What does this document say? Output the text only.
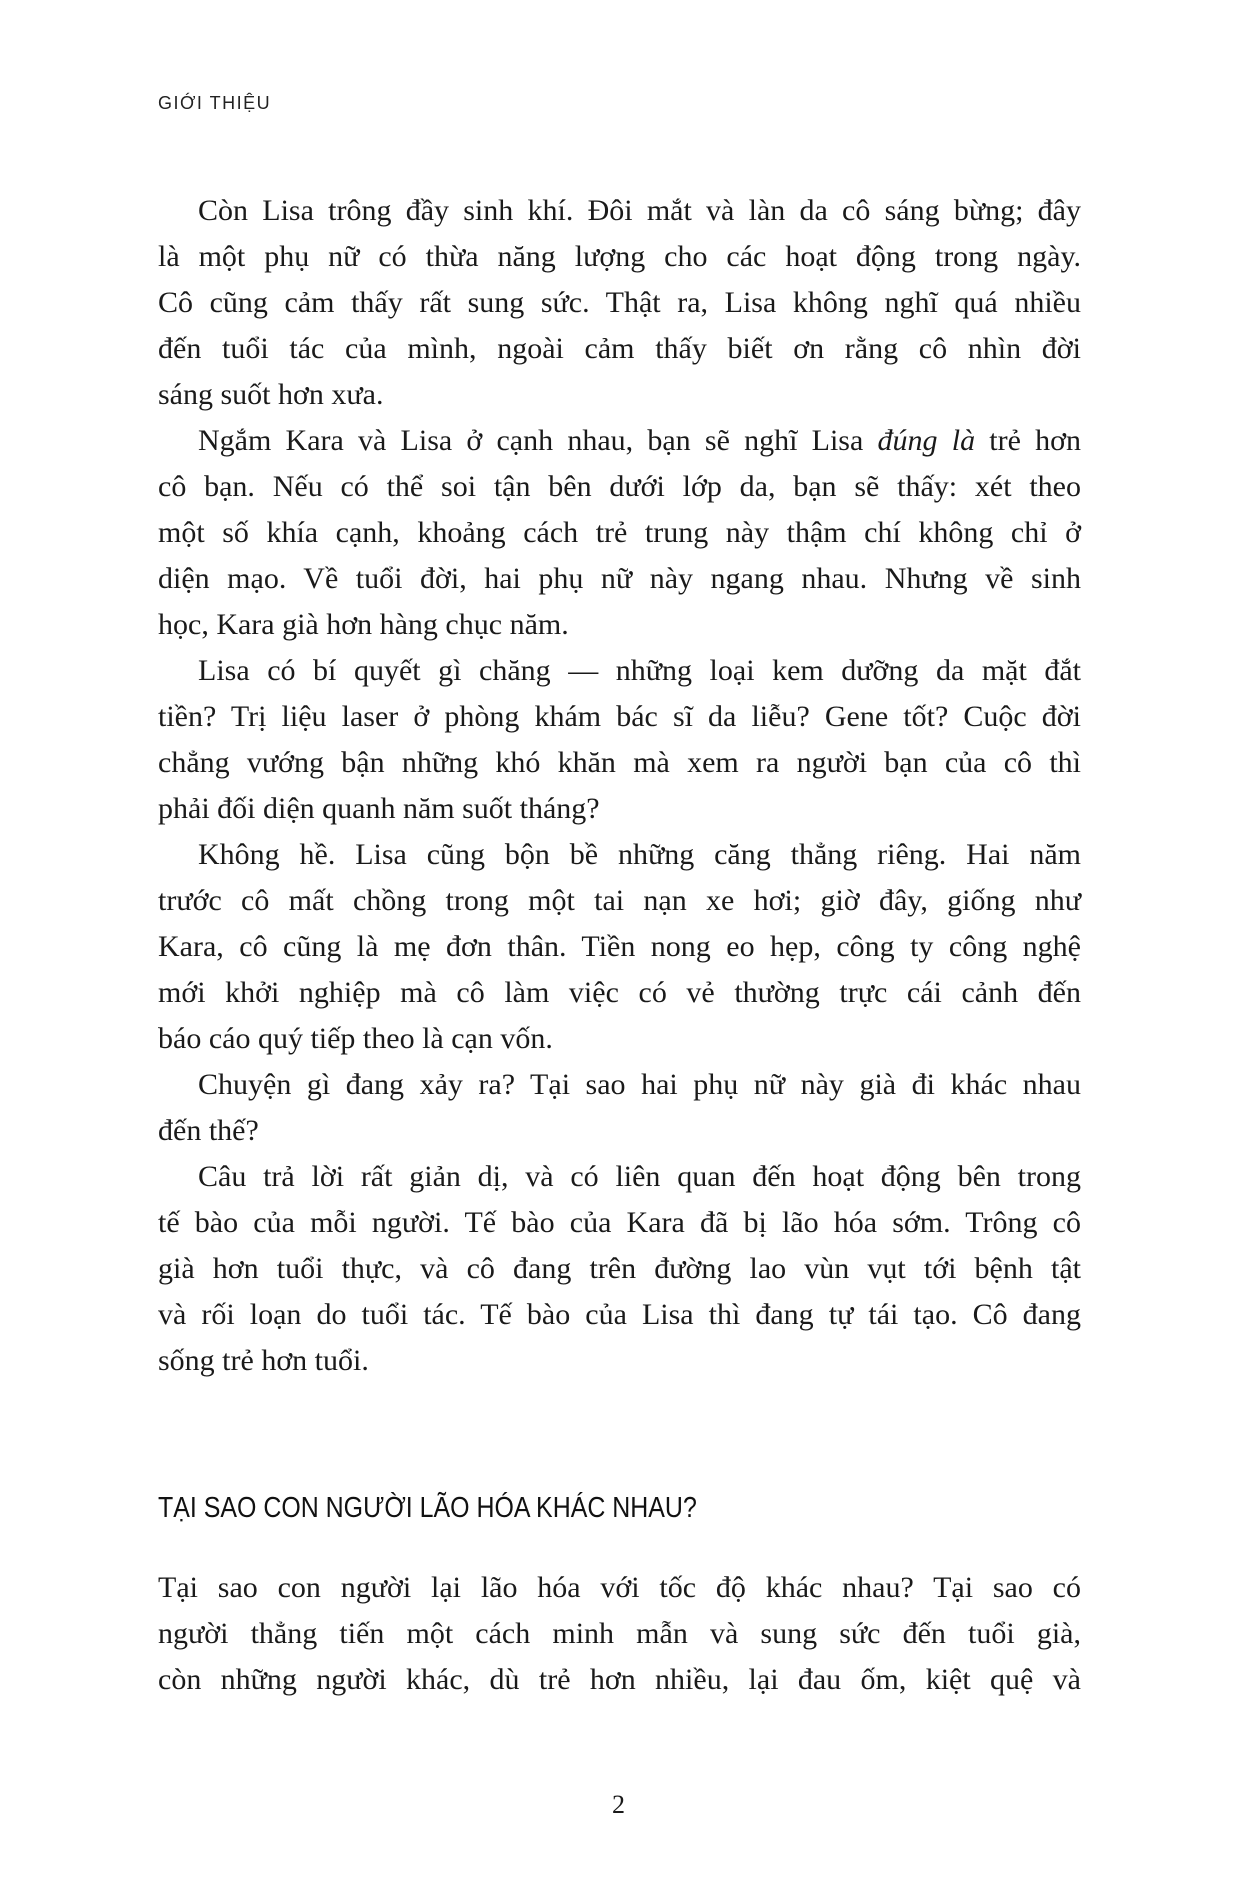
GIỚI THIỆU
Còn Lisa trông đầy sinh khí. Đôi mắt và làn da cô sáng bừng; đây
là một phụ nữ có thừa năng lượng cho các hoạt động trong ngày.
Cô cũng cảm thấy rất sung sức. Thật ra, Lisa không nghĩ quá nhiều
đến tuổi tác của mình, ngoài cảm thấy biết ơn rằng cô nhìn đời
sáng suốt hơn xưa.
Ngắm Kara và Lisa ở cạnh nhau, bạn sẽ nghĩ Lisa đúng là trẻ hơn
cô bạn. Nếu có thể soi tận bên dưới lớp da, bạn sẽ thấy: xét theo
một số khía cạnh, khoảng cách trẻ trung này thậm chí không chỉ ở
diện mạo. Về tuổi đời, hai phụ nữ này ngang nhau. Nhưng về sinh
học, Kara già hơn hàng chục năm.
Lisa có bí quyết gì chăng — những loại kem dưỡng da mặt đắt
tiền? Trị liệu laser ở phòng khám bác sĩ da liễu? Gene tốt? Cuộc đời
chẳng vướng bận những khó khăn mà xem ra người bạn của cô thì
phải đối diện quanh năm suốt tháng?
Không hề. Lisa cũng bộn bề những căng thẳng riêng. Hai năm
trước cô mất chồng trong một tai nạn xe hơi; giờ đây, giống như
Kara, cô cũng là mẹ đơn thân. Tiền nong eo hẹp, công ty công nghệ
mới khởi nghiệp mà cô làm việc có vẻ thường trực cái cảnh đến
báo cáo quý tiếp theo là cạn vốn.
Chuyện gì đang xảy ra? Tại sao hai phụ nữ này già đi khác nhau
đến thế?
Câu trả lời rất giản dị, và có liên quan đến hoạt động bên trong
tế bào của mỗi người. Tế bào của Kara đã bị lão hóa sớm. Trông cô
già hơn tuổi thực, và cô đang trên đường lao vùn vụt tới bệnh tật
và rối loạn do tuổi tác. Tế bào của Lisa thì đang tự tái tạo. Cô đang
sống trẻ hơn tuổi.
TẠI SAO CON NGƯỜI LÃO HÓA KHÁC NHAU?
Tại sao con người lại lão hóa với tốc độ khác nhau? Tại sao có
người thẳng tiến một cách minh mẫn và sung sức đến tuổi già,
còn những người khác, dù trẻ hơn nhiều, lại đau ốm, kiệt quệ và
2
